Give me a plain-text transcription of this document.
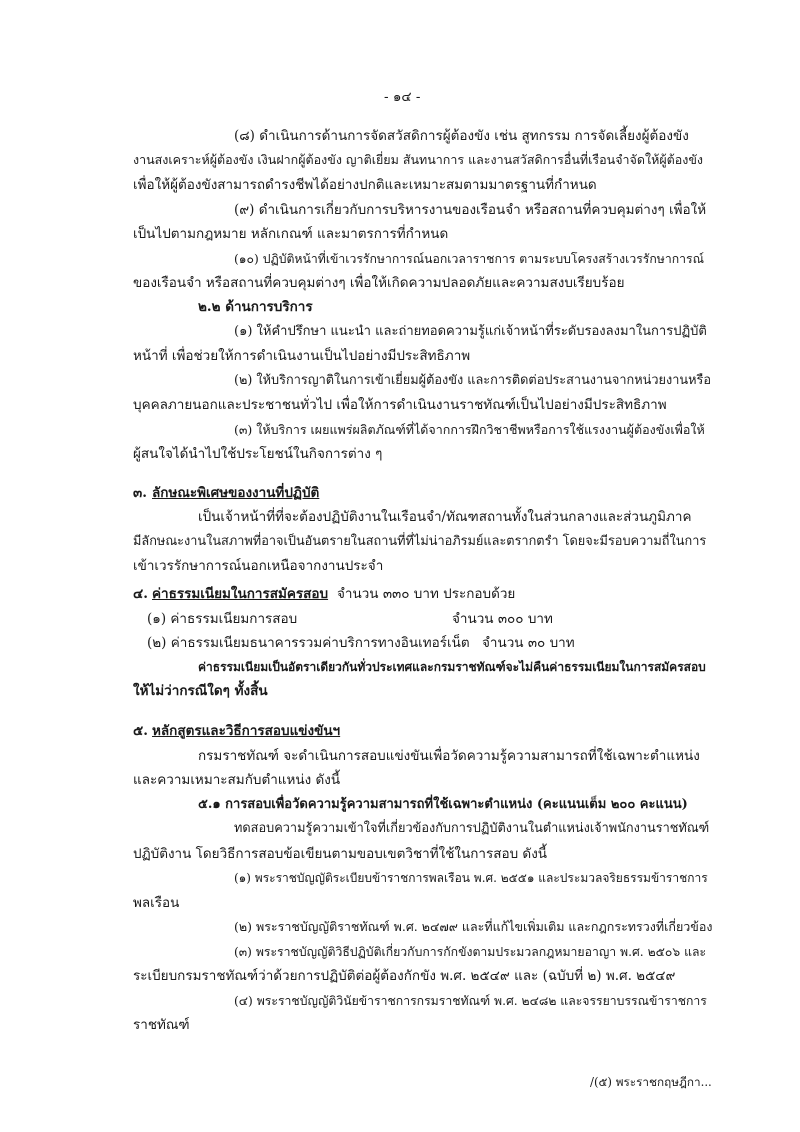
- ๑๔ -
(๘) ดำเนินการด้านการจัดสวัสดิการผู้ต้องขัง เช่น สูทกรรม การจัดเลี้ยงผู้ต้องขัง
งานสงเคราะห์ผู้ต้องขัง เงินฝากผู้ต้องขัง ญาติเยี่ยม สันทนาการ และงานสวัสดิการอื่นที่เรือนจำจัดให้ผู้ต้องขัง
เพื่อให้ผู้ต้องขังสามารถดำรงชีพได้อย่างปกติและเหมาะสมตามมาตรฐานที่กำหนด
(๙) ดำเนินการเกี่ยวกับการบริหารงานของเรือนจำ หรือสถานที่ควบคุมต่างๆ เพื่อให้
เป็นไปตามกฎหมาย หลักเกณฑ์ และมาตรการที่กำหนด
(๑๐) ปฏิบัติหน้าที่เข้าเวรรักษาการณ์นอกเวลาราชการ ตามระบบโครงสร้างเวรรักษาการณ์
ของเรือนจำ หรือสถานที่ควบคุมต่างๆ เพื่อให้เกิดความปลอดภัยและความสงบเรียบร้อย
๒.๒ ด้านการบริการ
(๑) ให้คำปรึกษา แนะนำ และถ่ายทอดความรู้แก่เจ้าหน้าที่ระดับรองลงมาในการปฏิบัติ
หน้าที่ เพื่อช่วยให้การดำเนินงานเป็นไปอย่างมีประสิทธิภาพ
(๒) ให้บริการญาติในการเข้าเยี่ยมผู้ต้องขัง และการติดต่อประสานงานจากหน่วยงานหรือ
บุคคลภายนอกและประชาชนทั่วไป เพื่อให้การดำเนินงานราชทัณฑ์เป็นไปอย่างมีประสิทธิภาพ
(๓) ให้บริการ เผยแพร่ผลิตภัณฑ์ที่ได้จากการฝึกวิชาชีพหรือการใช้แรงงานผู้ต้องขังเพื่อให้
ผู้สนใจได้นำไปใช้ประโยชน์ในกิจการต่าง ๆ
๓. ลักษณะพิเศษของงานที่ปฏิบัติ
เป็นเจ้าหน้าที่ที่จะต้องปฏิบัติงานในเรือนจำ/ทัณฑสถานทั้งในส่วนกลางและส่วนภูมิภาค
มีลักษณะงานในสภาพที่อาจเป็นอันตรายในสถานที่ที่ไม่น่าอภิรมย์และตรากตรำ โดยจะมีรอบความถี่ในการ
เข้าเวรรักษาการณ์นอกเหนือจากงานประจำ
๔. ค่าธรรมเนียมในการสมัครสอบ จำนวน ๓๓๐ บาท ประกอบด้วย
(๑) ค่าธรรมเนียมการสอบ	จำนวน ๓๐๐ บาท
(๒) ค่าธรรมเนียมธนาคารรวมค่าบริการทางอินเทอร์เน็ต จำนวน ๓๐ บาท
ค่าธรรมเนียมเป็นอัตราเดียวกันทั่วประเทศและกรมราชทัณฑ์จะไม่คืนค่าธรรมเนียมในการสมัครสอบ
ให้ไม่ว่ากรณีใดๆ ทั้งสิ้น
๕. หลักสูตรและวิธีการสอบแข่งขันฯ
กรมราชทัณฑ์ จะดำเนินการสอบแข่งขันเพื่อวัดความรู้ความสามารถที่ใช้เฉพาะตำแหน่ง
และความเหมาะสมกับตำแหน่ง ดังนี้
๕.๑ การสอบเพื่อวัดความรู้ความสามารถที่ใช้เฉพาะตำแหน่ง (คะแนนเต็ม ๒๐๐ คะแนน)
ทดสอบความรู้ความเข้าใจที่เกี่ยวข้องกับการปฏิบัติงานในตำแหน่งเจ้าพนักงานราชทัณฑ์
ปฏิบัติงาน โดยวิธีการสอบข้อเขียนตามขอบเขตวิชาที่ใช้ในการสอบ ดังนี้
(๑) พระราชบัญญัติระเบียบข้าราชการพลเรือน พ.ศ. ๒๕๕๑ และประมวลจริยธรรมข้าราชการ
พลเรือน
(๒) พระราชบัญญัติราชทัณฑ์ พ.ศ. ๒๔๗๙ และที่แก้ไขเพิ่มเติม และกฎกระทรวงที่เกี่ยวข้อง
(๓) พระราชบัญญัติวิธีปฏิบัติเกี่ยวกับการกักขังตามประมวลกฎหมายอาญา พ.ศ. ๒๕๐๖ และ
ระเบียบกรมราชทัณฑ์ว่าด้วยการปฏิบัติต่อผู้ต้องกักขัง พ.ศ. ๒๕๔๙ และ (ฉบับที่ ๒) พ.ศ. ๒๕๔๙
(๔) พระราชบัญญัติวินัยข้าราชการกรมราชทัณฑ์ พ.ศ. ๒๔๘๒ และจรรยาบรรณข้าราชการ
ราชทัณฑ์
/(๕) พระราชกฤษฎีกา...
